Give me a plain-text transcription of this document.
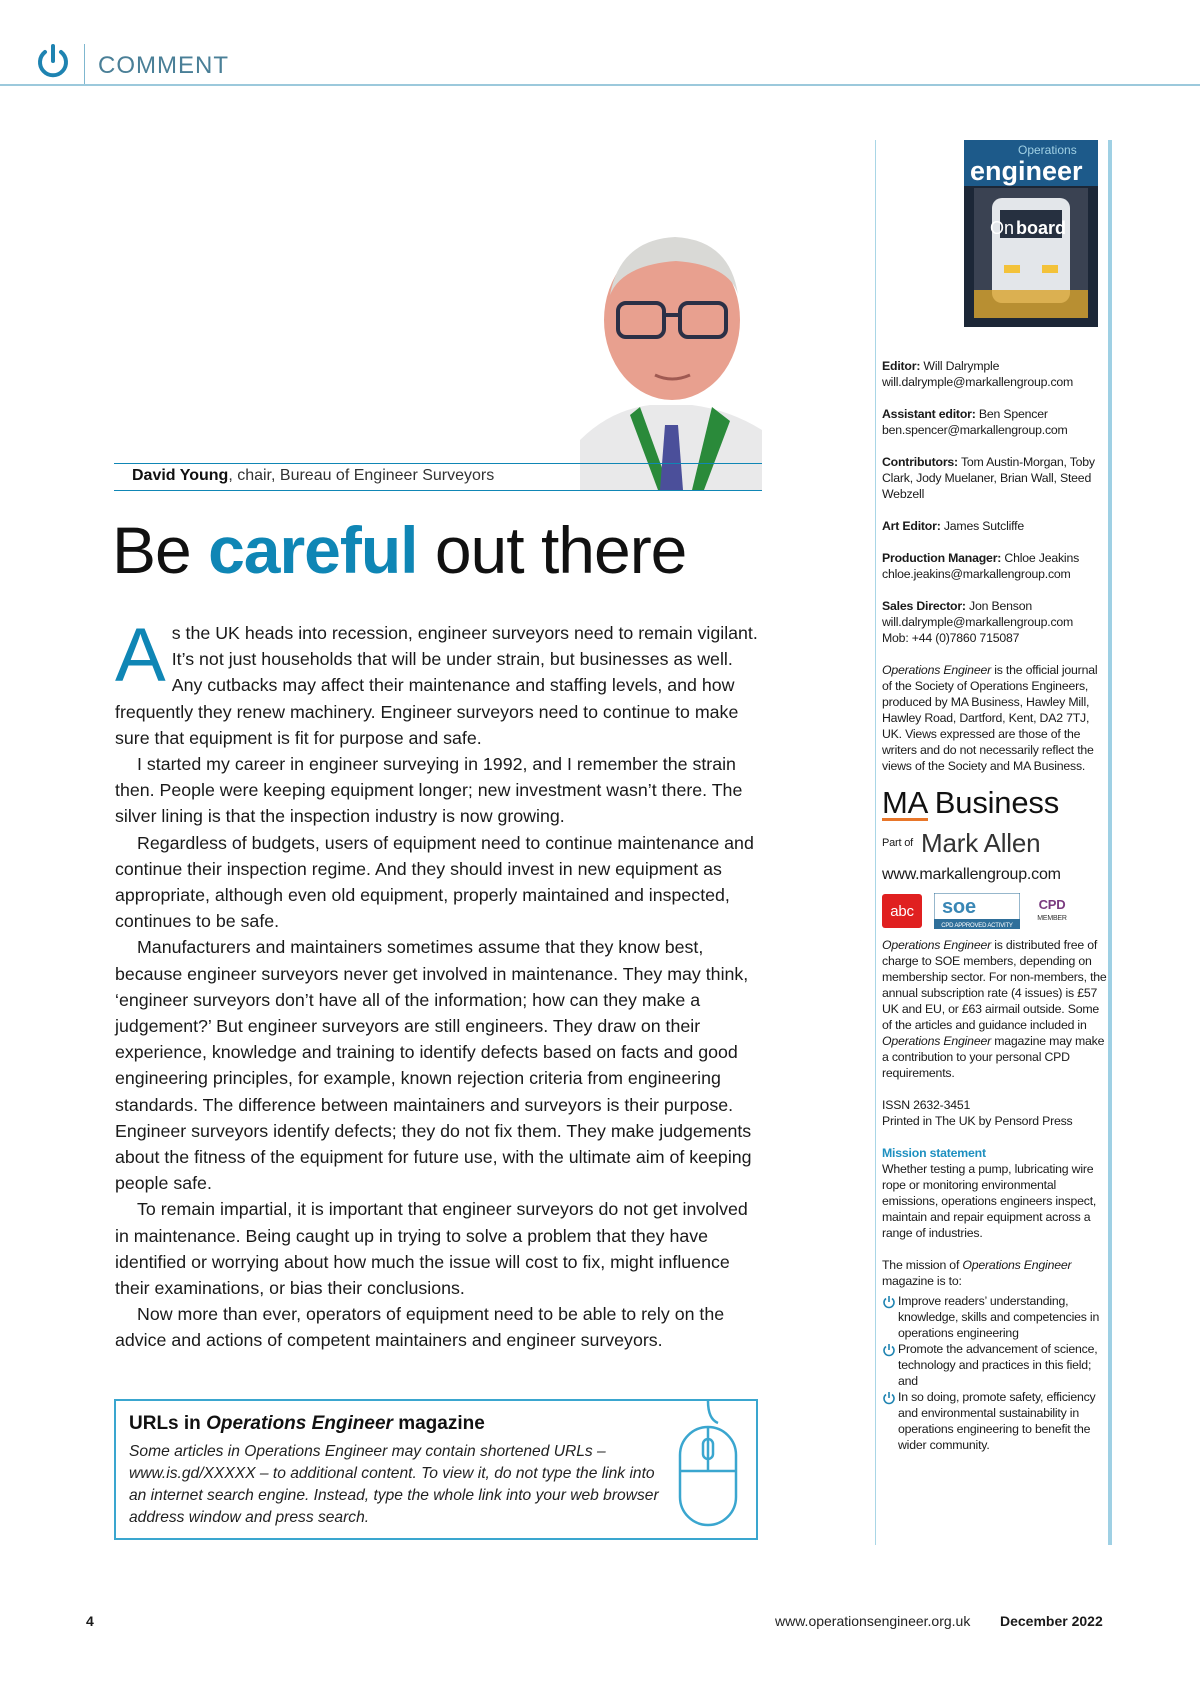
COMMENT
David Young, chair, Bureau of Engineer Surveyors
Be careful out there

As the UK heads into recession, engineer surveyors need to remain vigilant. It’s not just households that will be under strain, but businesses as well. Any cutbacks may affect their maintenance and staffing levels, and how frequently they renew machinery. Engineer surveyors need to continue to make sure that equipment is fit for purpose and safe.

I started my career in engineer surveying in 1992, and I remember the strain then. People were keeping equipment longer; new investment wasn’t there. The silver lining is that the inspection industry is now growing.

Regardless of budgets, users of equipment need to continue maintenance and continue their inspection regime. And they should invest in new equipment as appropriate, although even old equipment, properly maintained and inspected, continues to be safe.

Manufacturers and maintainers sometimes assume that they know best, because engineer surveyors never get involved in maintenance. They may think, ‘engineer surveyors don’t have all of the information; how can they make a judgement?’ But engineer surveyors are still engineers. They draw on their experience, knowledge and training to identify defects based on facts and good engineering principles, for example, known rejection criteria from engineering standards. The difference between maintainers and surveyors is their purpose. Engineer surveyors identify defects; they do not fix them. They make judgements about the fitness of the equipment for future use, with the ultimate aim of keeping people safe.

To remain impartial, it is important that engineer surveyors do not get involved in maintenance. Being caught up in trying to solve a problem that they have identified or worrying about how much the issue will cost to fix, might influence their examinations, or bias their conclusions.

Now more than ever, operators of equipment need to be able to rely on the advice and actions of competent maintainers and engineer surveyors.

URLs in Operations Engineer magazine
Some articles in Operations Engineer may contain shortened URLs – www.is.gd/XXXXX – to additional content. To view it, do not type the link into an internet search engine. Instead, type the whole link into your web browser address window and press search.
Operations
engineer
On board
Editor: Will Dalrymple
will.dalrymple@markallengroup.com
Assistant editor: Ben Spencer
ben.spencer@markallengroup.com
Contributors: Tom Austin-Morgan, Toby Clark, Jody Muelaner, Brian Wall, Steed Webzell
Art Editor: James Sutcliffe
Production Manager: Chloe Jeakins
chloe.jeakins@markallengroup.com
Sales Director: Jon Benson
will.dalrymple@markallengroup.com
Mob: +44 (0)7860 715087
Operations Engineer is the official journal of the Society of Operations Engineers, produced by MA Business, Hawley Mill, Hawley Road, Dartford, Kent, DA2 7TJ, UK. Views expressed are those of the writers and do not necessarily reflect the views of the Society and MA Business.
MA Business
Part of Mark Allen
www.markallengroup.com
abc soe
CPD APPROVED ACTIVITY
CPD
MEMBER
Operations Engineer is distributed free of charge to SOE members, depending on membership sector. For non-members, the annual subscription rate (4 issues) is £57 UK and EU, or £63 airmail outside. Some of the articles and guidance included in Operations Engineer magazine may make a contribution to your personal CPD requirements.
ISSN 2632-3451
Printed in The UK by Pensord Press
Mission statement
Whether testing a pump, lubricating wire rope or monitoring environmental emissions, operations engineers inspect, maintain and repair equipment across a range of industries.
The mission of Operations Engineer magazine is to:
Improve readers’ understanding, knowledge, skills and competencies in operations engineering
Promote the advancement of science, technology and practices in this field; and
In so doing, promote safety, efficiency and environmental sustainability in operations engineering to benefit the wider community.
4	www.operationsengineer.org.uk December 2022
